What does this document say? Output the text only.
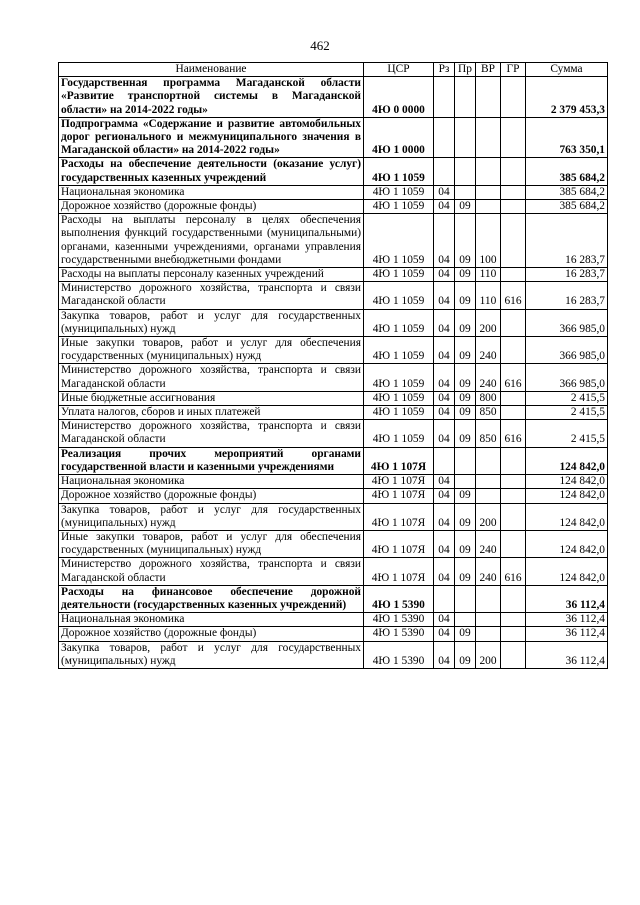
462
Наименование	ЦСР	Рз	Пр	ВР	ГР	Сумма
Государственная программа Магаданской области «Развитие транспортной системы в Магаданской области» на 2014-2022 годы»	4Ю 0 0000					2 379 453,3
Подпрограмма «Содержание и развитие автомобильных дорог регионального и межмуниципального значения в Магаданской области» на 2014-2022 годы»	4Ю 1 0000					763 350,1
Расходы на обеспечение деятельности (оказание услуг) государственных казенных учреждений	4Ю 1 1059					385 684,2
Национальная экономика	4Ю 1 1059	04				385 684,2
Дорожное хозяйство (дорожные фонды)	4Ю 1 1059	04	09			385 684,2
Расходы на выплаты персоналу в целях обеспечения выполнения функций государственными (муниципальными) органами, казенными учреждениями, органами управления государственными внебюджетными фондами	4Ю 1 1059	04	09	100		16 283,7
Расходы на выплаты персоналу казенных учреждений	4Ю 1 1059	04	09	110		16 283,7
Министерство дорожного хозяйства, транспорта и связи Магаданской области	4Ю 1 1059	04	09	110	616	16 283,7
Закупка товаров, работ и услуг для государственных (муниципальных) нужд	4Ю 1 1059	04	09	200		366 985,0
Иные закупки товаров, работ и услуг для обеспечения государственных (муниципальных) нужд	4Ю 1 1059	04	09	240		366 985,0
Министерство дорожного хозяйства, транспорта и связи Магаданской области	4Ю 1 1059	04	09	240	616	366 985,0
Иные бюджетные ассигнования	4Ю 1 1059	04	09	800		2 415,5
Уплата налогов, сборов и иных платежей	4Ю 1 1059	04	09	850		2 415,5
Министерство дорожного хозяйства, транспорта и связи Магаданской области	4Ю 1 1059	04	09	850	616	2 415,5
Реализация прочих мероприятий органами государственной власти и казенными учреждениями	4Ю 1 107Я					124 842,0
Национальная экономика	4Ю 1 107Я	04				124 842,0
Дорожное хозяйство (дорожные фонды)	4Ю 1 107Я	04	09			124 842,0
Закупка товаров, работ и услуг для государственных (муниципальных) нужд	4Ю 1 107Я	04	09	200		124 842,0
Иные закупки товаров, работ и услуг для обеспечения государственных (муниципальных) нужд	4Ю 1 107Я	04	09	240		124 842,0
Министерство дорожного хозяйства, транспорта и связи Магаданской области	4Ю 1 107Я	04	09	240	616	124 842,0
Расходы на финансовое обеспечение дорожной деятельности (государственных казенных учреждений)	4Ю 1 5390					36 112,4
Национальная экономика	4Ю 1 5390	04				36 112,4
Дорожное хозяйство (дорожные фонды)	4Ю 1 5390	04	09			36 112,4
Закупка товаров, работ и услуг для государственных (муниципальных) нужд	4Ю 1 5390	04	09	200		36 112,4
